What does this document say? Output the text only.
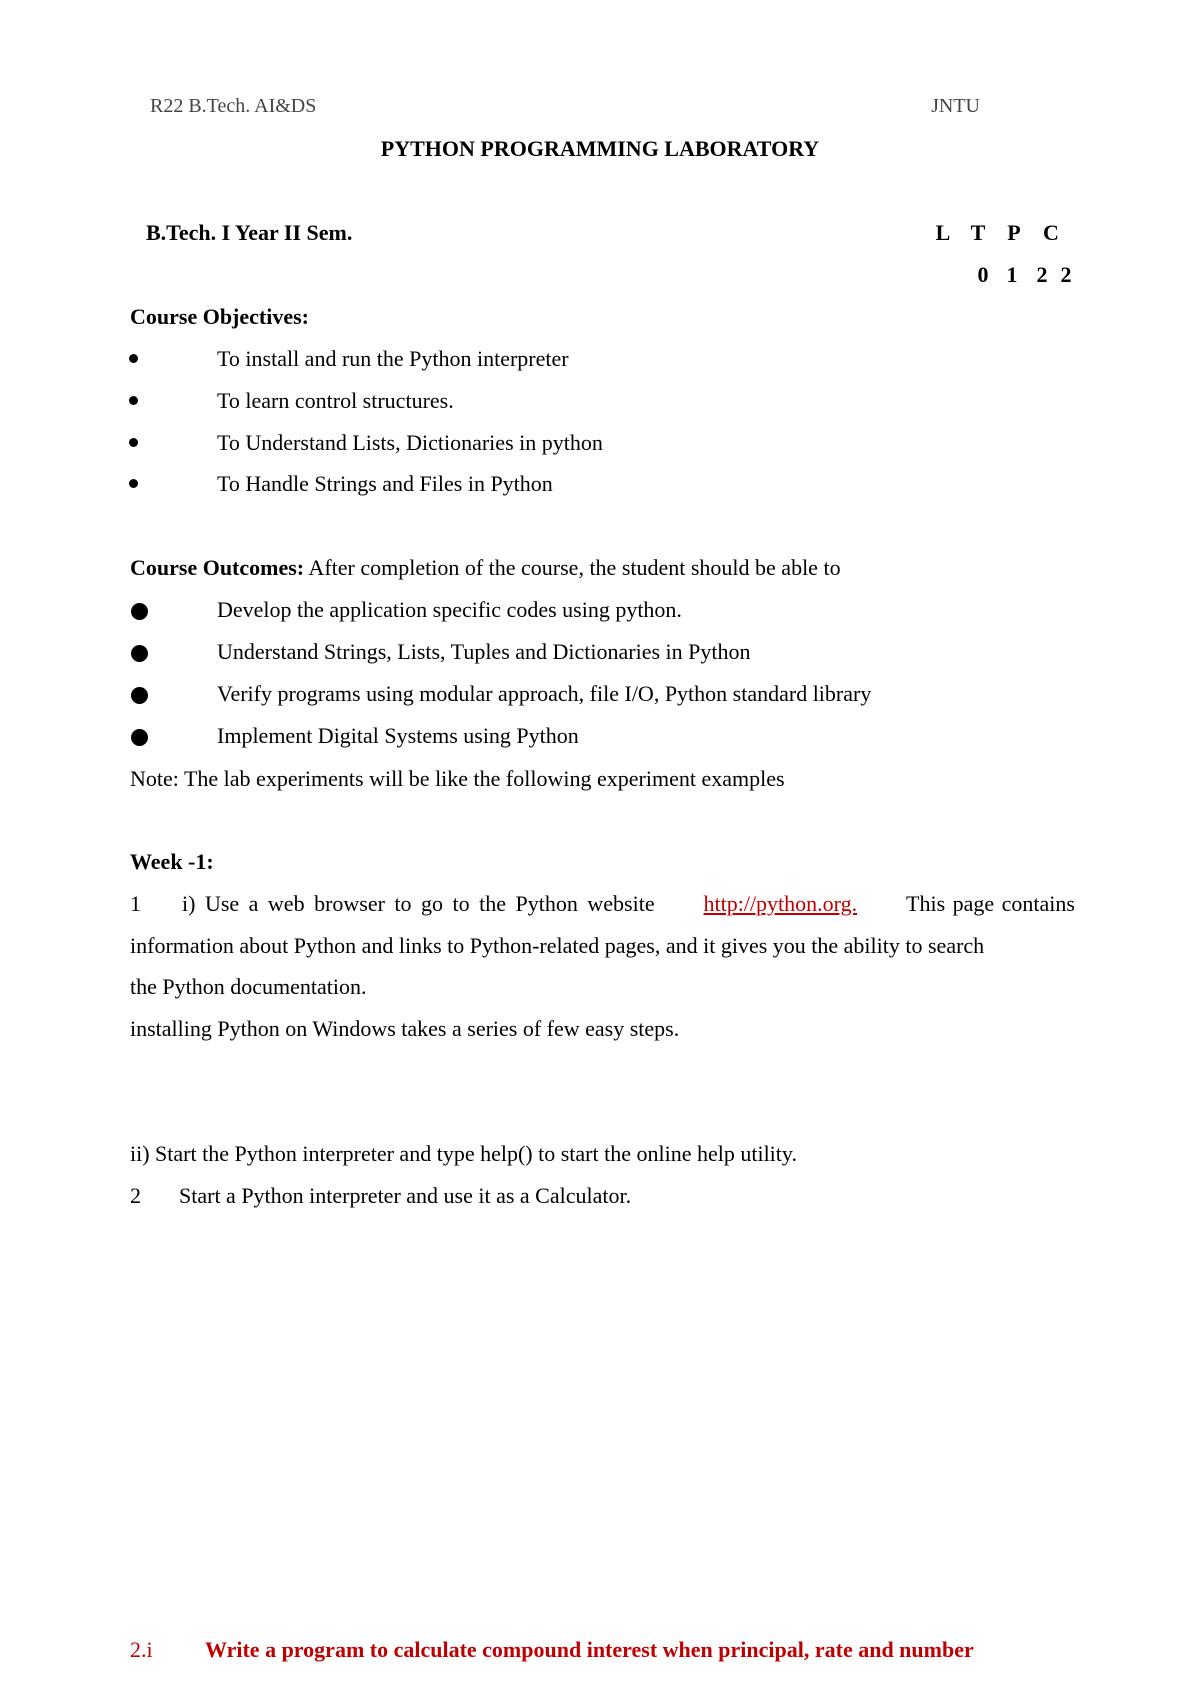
R22 B.Tech. AI&DS	JNTU
PYTHON PROGRAMMING LABORATORY
B.Tech. I Year II Sem.	L T P C
0 1 2 2
Course Objectives:
To install and run the Python interpreter
To learn control structures.
To Understand Lists, Dictionaries in python
To Handle Strings and Files in Python
Course Outcomes: After completion of the course, the student should be able to
Develop the application specific codes using python.
Understand Strings, Lists, Tuples and Dictionaries in Python
Verify programs using modular approach, file I/O, Python standard library
Implement Digital Systems using Python
Note: The lab experiments will be like the following experiment examples
Week -1:
1 i) Use a web browser to go to the Python website http://python.org. This page contains
information about Python and links to Python-related pages, and it gives you the ability to search
the Python documentation.
installing Python on Windows takes a series of few easy steps.
ii) Start the Python interpreter and type help() to start the online help utility.
2 Start a Python interpreter and use it as a Calculator.
2.i Write a program to calculate compound interest when principal, rate and number
